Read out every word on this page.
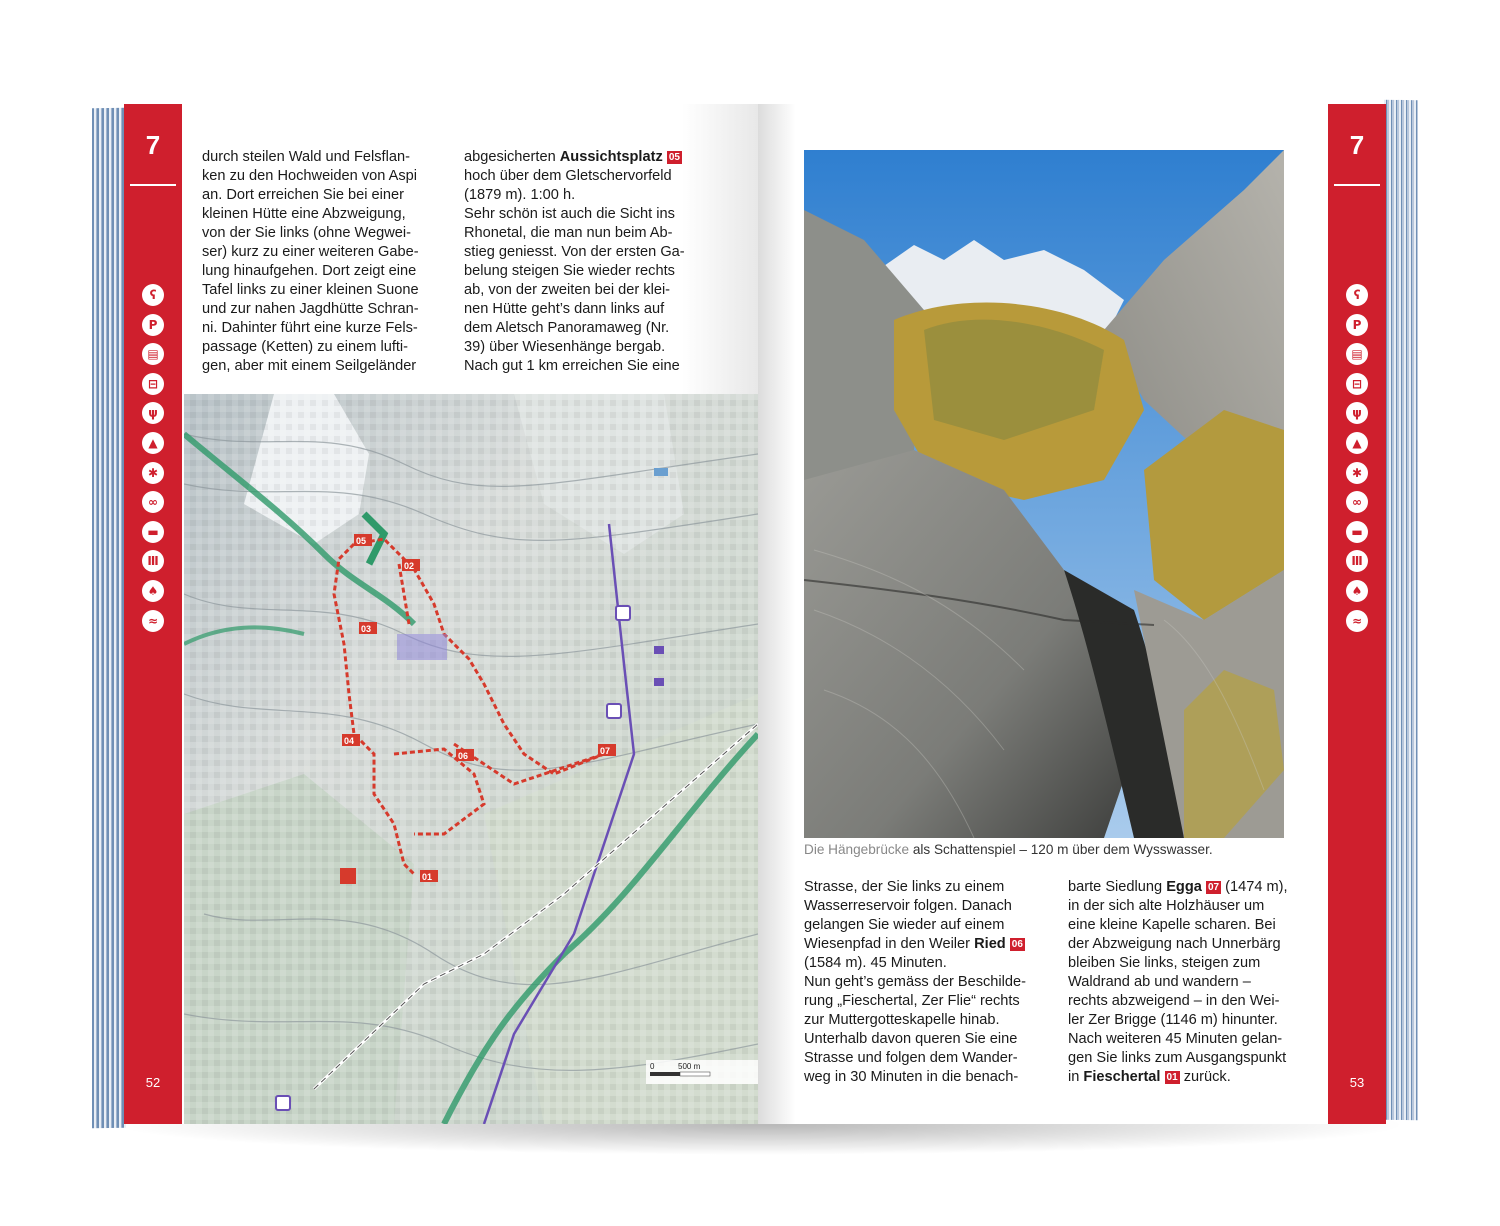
7
ʕ
P
▤
⊟
ψ
▲
✱
∞
▬
Ⅲ
♠
≈
52
durch steilen Wald und Felsflan-
ken zu den Hochweiden von Aspi
an. Dort erreichen Sie bei einer
kleinen Hütte eine Abzweigung,
von der Sie links (ohne Wegwei-
ser) kurz zu einer weiteren Gabe-
lung hinaufgehen. Dort zeigt eine
Tafel links zu einer kleinen Suone
und zur nahen Jagdhütte Schran-
ni. Dahinter führt eine kurze Fels-
passage (Ketten) zu einem lufti-
gen, aber mit einem Seilgeländer
abgesicherten Aussichtsplatz 05
hoch über dem Gletschervorfeld
(1879 m). 1:00 h.
Sehr schön ist auch die Sicht ins
Rhonetal, die man nun beim Ab-
stieg geniesst. Von der ersten Ga-
belung steigen Sie wieder rechts
ab, von der zweiten bei der klei-
nen Hütte geht’s dann links auf
dem Aletsch Panoramaweg (Nr.
39) über Wiesenhänge bergab.
Nach gut 1 km erreichen Sie eine
05
02
03
04
06	07
01
0	500 m
7
ʕ
P
▤
⊟
ψ
▲
✱
∞
▬
Ⅲ
♠
≈
53
Die Hängebrücke als Schattenspiel – 120 m über dem Wysswasser.
Strasse, der Sie links zu einem
Wasserreservoir folgen. Danach
gelangen Sie wieder auf einem
Wiesenpfad in den Weiler Ried 06
(1584 m). 45 Minuten.
Nun geht’s gemäss der Beschilde-
rung „Fieschertal, Zer Flie“ rechts
zur Muttergotteskapelle hinab.
Unterhalb davon queren Sie eine
Strasse und folgen dem Wander-
weg in 30 Minuten in die benach-
barte Siedlung Egga 07 (1474 m),
in der sich alte Holzhäuser um
eine kleine Kapelle scharen. Bei
der Abzweigung nach Unnerbärg
bleiben Sie links, steigen zum
Waldrand ab und wandern –
rechts abzweigend – in den Wei-
ler Zer Brigge (1146 m) hinunter.
Nach weiteren 45 Minuten gelan-
gen Sie links zum Ausgangspunkt
in Fieschertal 01 zurück.
